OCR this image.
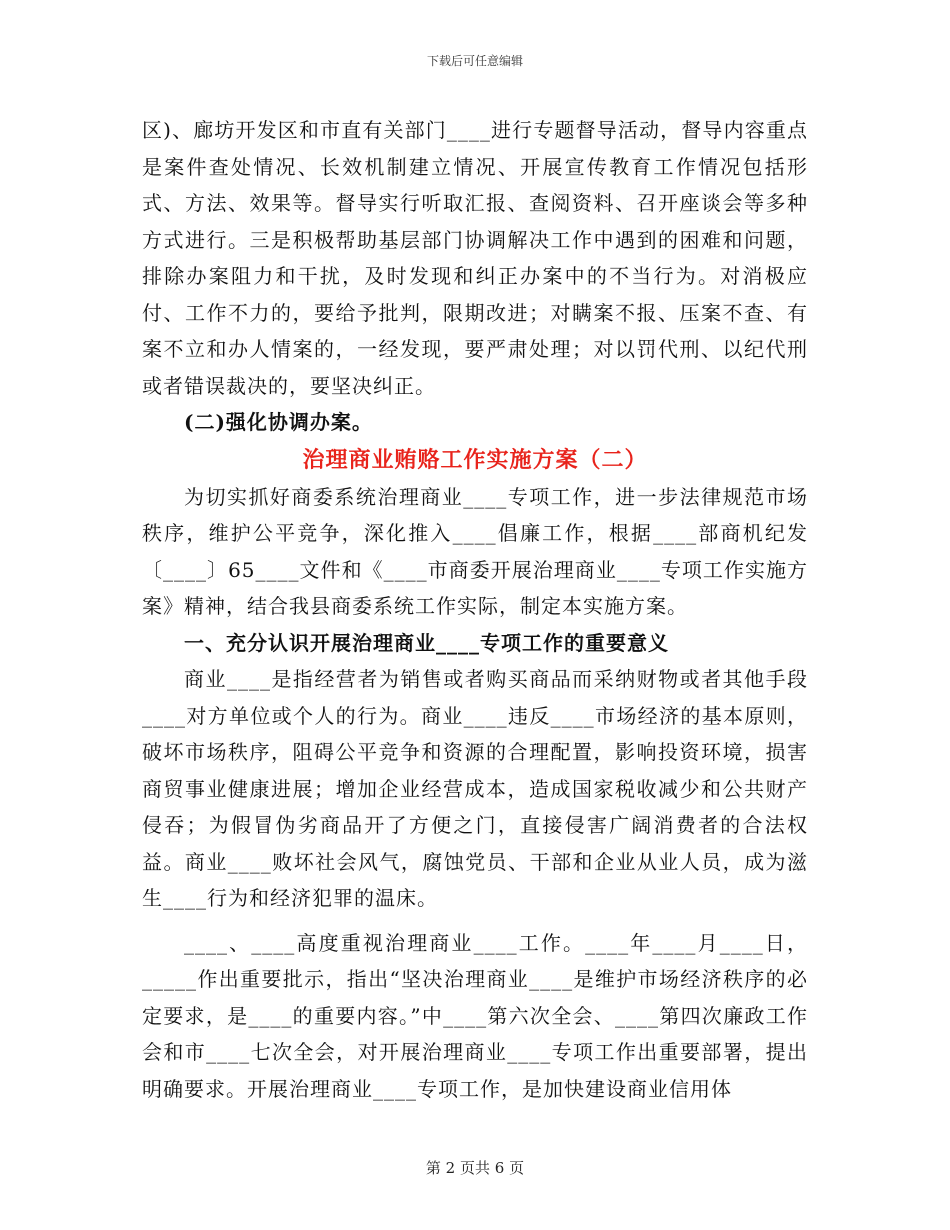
下载后可任意编辑

区)、廊坊开发区和市直有关部门____进行专题督导活动，督导内容重点是案件查处情况、长效机制建立情况、开展宣传教育工作情况包括形式、方法、效果等。督导实行听取汇报、查阅资料、召开座谈会等多种方式进行。三是积极帮助基层部门协调解决工作中遇到的困难和问题，排除办案阻力和干扰，及时发现和纠正办案中的不当行为。对消极应付、工作不力的，要给予批判，限期改进；对瞒案不报、压案不查、有案不立和办人情案的，一经发现，要严肃处理；对以罚代刑、以纪代刑或者错误裁决的，要坚决纠正。

(二)强化协调办案。

治理商业贿赂工作实施方案（二）

为切实抓好商委系统治理商业____专项工作，进一步法律规范市场秩序，维护公平竞争，深化推入____倡廉工作，根据____部商机纪发〔____〕65____文件和《____市商委开展治理商业____专项工作实施方案》精神，结合我县商委系统工作实际，制定本实施方案。

一、充分认识开展治理商业____专项工作的重要意义

商业____是指经营者为销售或者购买商品而采纳财物或者其他手段____对方单位或个人的行为。商业____违反____市场经济的基本原则，破坏市场秩序，阻碍公平竞争和资源的合理配置，影响投资环境，损害商贸事业健康进展；增加企业经营成本，造成国家税收减少和公共财产侵吞；为假冒伪劣商品开了方便之门，直接侵害广阔消费者的合法权益。商业____败坏社会风气，腐蚀党员、干部和企业从业人员，成为滋生____行为和经济犯罪的温床。

____、____高度重视治理商业____工作。____年____月____日，_____作出重要批示，指出“坚决治理商业____是维护市场经济秩序的必定要求，是____的重要内容。”中____第六次全会、____第四次廉政工作会和市____七次全会，对开展治理商业____专项工作出重要部署，提出明确要求。开展治理商业____专项工作，是加快建设商业信用体

第 2 页共 6 页
